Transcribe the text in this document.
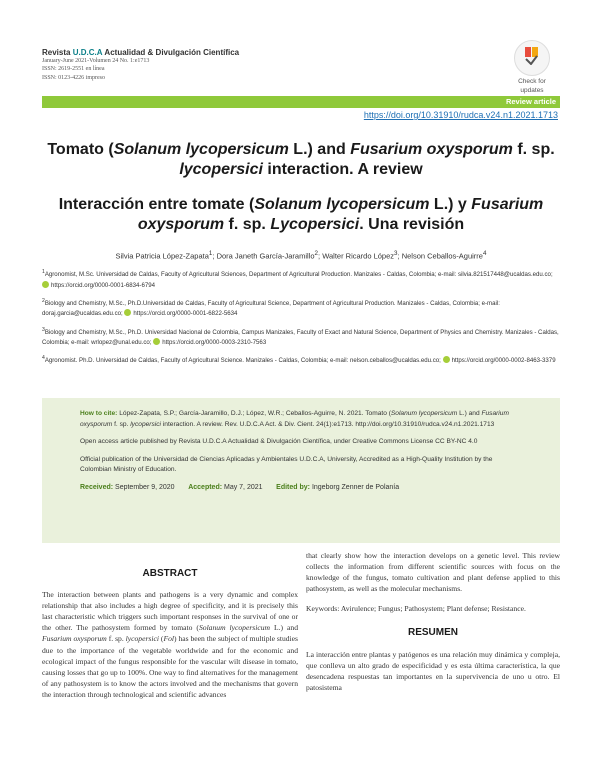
Revista U.D.C.A Actualidad & Divulgación Científica
January-June 2021-Volumen 24 No. 1:e1713
ISSN: 2619-2551 en línea
ISSN: 0123-4226 impreso
Check for
updates
Review article
https://doi.org/10.31910/rudca.v24.n1.2021.1713
Tomato (Solanum lycopersicum L.) and Fusarium oxysporum f. sp. lycopersici interaction. A review
Interacción entre tomate (Solanum lycopersicum L.) y Fusarium oxysporum f. sp. Lycopersici. Una revisión
Silvia Patricia López-Zapata$^1$; Dora Janeth García-Jaramillo$^2$; Walter Ricardo López$^3$; Nelson Ceballos-Aguirre$^4$
$^1$Agronomist, M.Sc. Universidad de Caldas, Faculty of Agricultural Sciences, Department of Agricultural Production. Manizales - Caldas, Colombia; e-mail: silvia.821517448@ucaldas.edu.co; https://orcid.org/0000-0001-6834-6794
$^2$Biology and Chemistry, M.Sc., Ph.D.Universidad de Caldas, Faculty of Agricultural Science, Department of Agricultural Production. Manizales - Caldas, Colombia; e-mail: doraj.garcia@ucaldas.edu.co; https://orcid.org/0000-0001-6822-5634
$^3$Biology and Chemistry, M.Sc., Ph.D. Universidad Nacional de Colombia, Campus Manizales, Faculty of Exact and Natural Science, Department of Physics and Chemistry. Manizales - Caldas, Colombia; e-mail: wrlopez@unal.edu.co; https://orcid.org/0000-0003-2310-7563
$^4$Agronomist. Ph.D. Universidad de Caldas, Faculty of Agricultural Science. Manizales - Caldas, Colombia; e-mail: nelson.ceballos@ucaldas.edu.co; https://orcid.org/0000-0002-8463-3379

How to cite: López-Zapata, S.P.; García-Jaramillo, D.J.; López, W.R.; Ceballos-Aguirre, N. 2021. Tomato (Solanum lycopersicum L.) and Fusarium oxysporum f. sp. lycopersici interaction. A review. Rev. U.D.C.A Act. & Div. Cient. 24(1):e1713. http://doi.org/10.31910/rudca.v24.n1.2021.1713

Open access article published by Revista U.D.C.A Actualidad & Divulgación Científica, under Creative Commons License CC BY-NC 4.0

Official publication of the Universidad de Ciencias Aplicadas y Ambientales U.D.C.A, University, Accredited as a High-Quality Institution by the Colombian Ministry of Education.

Received: September 9, 2020 Accepted: May 7, 2021 Edited by: Ingeborg Zenner de Polanía

ABSTRACT

The interaction between plants and pathogens is a very dynamic and complex relationship that also includes a high degree of specificity, and it is precisely this last characteristic which triggers such important responses in the survival of one or the other. The pathosystem formed by tomato (Solanum lycopersicum L.) and Fusarium oxysporum f. sp. lycopersici (Fol) has been the subject of multiple studies due to the importance of the vegetable worldwide and for the economic and ecological impact of the fungus responsible for the vascular wilt disease in tomato, causing losses that go up to 100%. One way to find alternatives for the management of any pathosystem is to know the actors involved and the mechanisms that govern the interaction through technological and scientific advances

that clearly show how the interaction develops on a genetic level. This review collects the information from different scientific sources with focus on the knowledge of the fungus, tomato cultivation and plant defense applied to this pathosystem, as well as the molecular mechanisms.

Keywords: Avirulence; Fungus; Pathosystem; Plant defense; Resistance.

RESUMEN

La interacción entre plantas y patógenos es una relación muy dinámica y compleja, que conlleva un alto grado de especificidad y es esta última característica, la que desencadena respuestas tan importantes en la supervivencia de uno u otro. El patosistema
